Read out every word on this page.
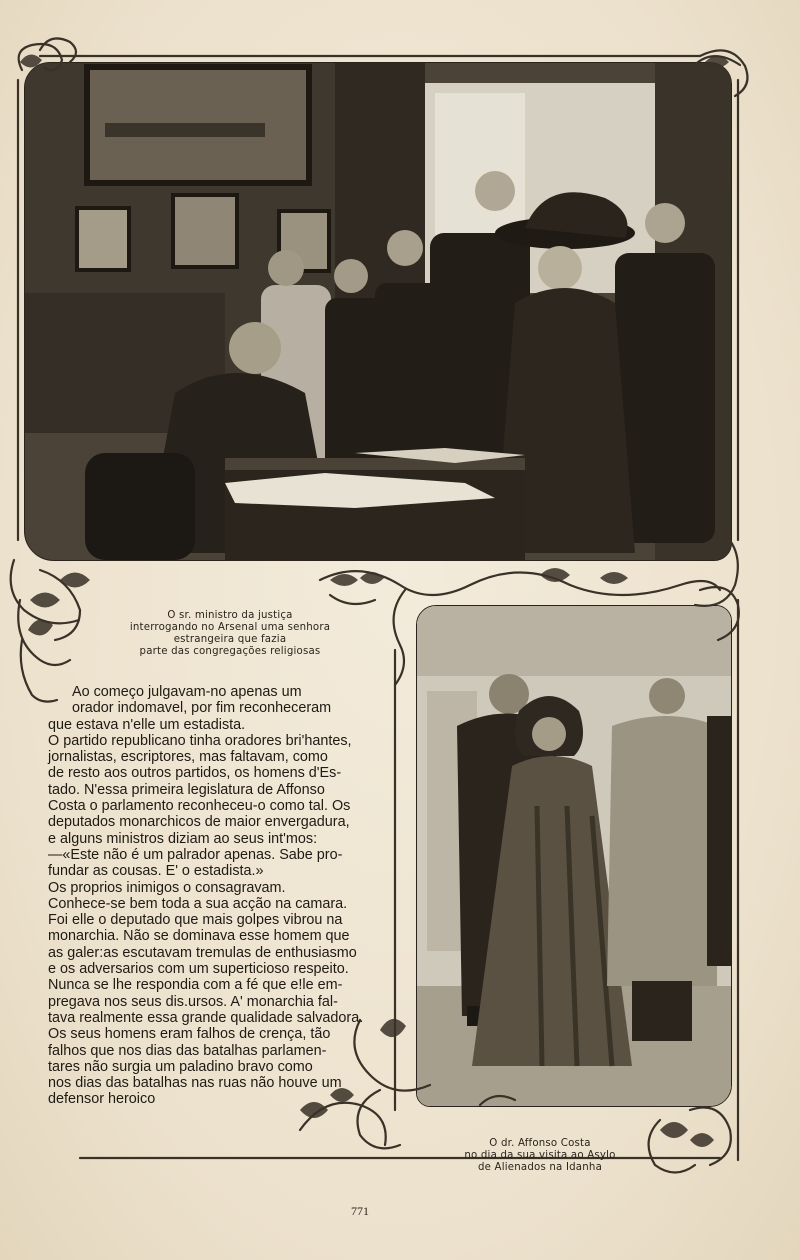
O sr. ministro da justiça
interrogando no Arsenal uma senhora
estrangeira que fazia
parte das congregações religiosas
Ao começo julgavam-no apenas um
orador indomavel, por fim reconheceram
que estava n'elle um estadista.
O partido republicano tinha oradores bri'hantes,
jornalistas, escriptores, mas faltavam, como
de resto aos outros partidos, os homens d'Es-
tado. N'essa primeira legislatura de Affonso
Costa o parlamento reconheceu-o como tal. Os
deputados monarchicos de maior envergadura,
e alguns ministros diziam ao seus int'mos:
—«Este não é um palrador apenas. Sabe pro-
fundar as cousas. E' o estadista.»
Os proprios inimigos o consagravam.
Conhece-se bem toda a sua acção na camara.
Foi elle o deputado que mais golpes vibrou na
monarchia. Não se dominava esse homem que
as galer:as escutavam tremulas de enthusiasmo
e os adversarios com um superticioso respeito.
Nunca se lhe respondia com a fé que e!le em-
pregava nos seus dis.ursos. A' monarchia fal-
tava realmente essa grande qualidade salvadora.
Os seus homens eram falhos de crença, tão
falhos que nos dias das batalhas parlamen-
tares não surgia um paladino bravo como
nos dias das batalhas nas ruas não houve um
defensor heroico
O dr. Affonso Costa
no dia da sua visita ao Asylo
de Alienados na Idanha
771
